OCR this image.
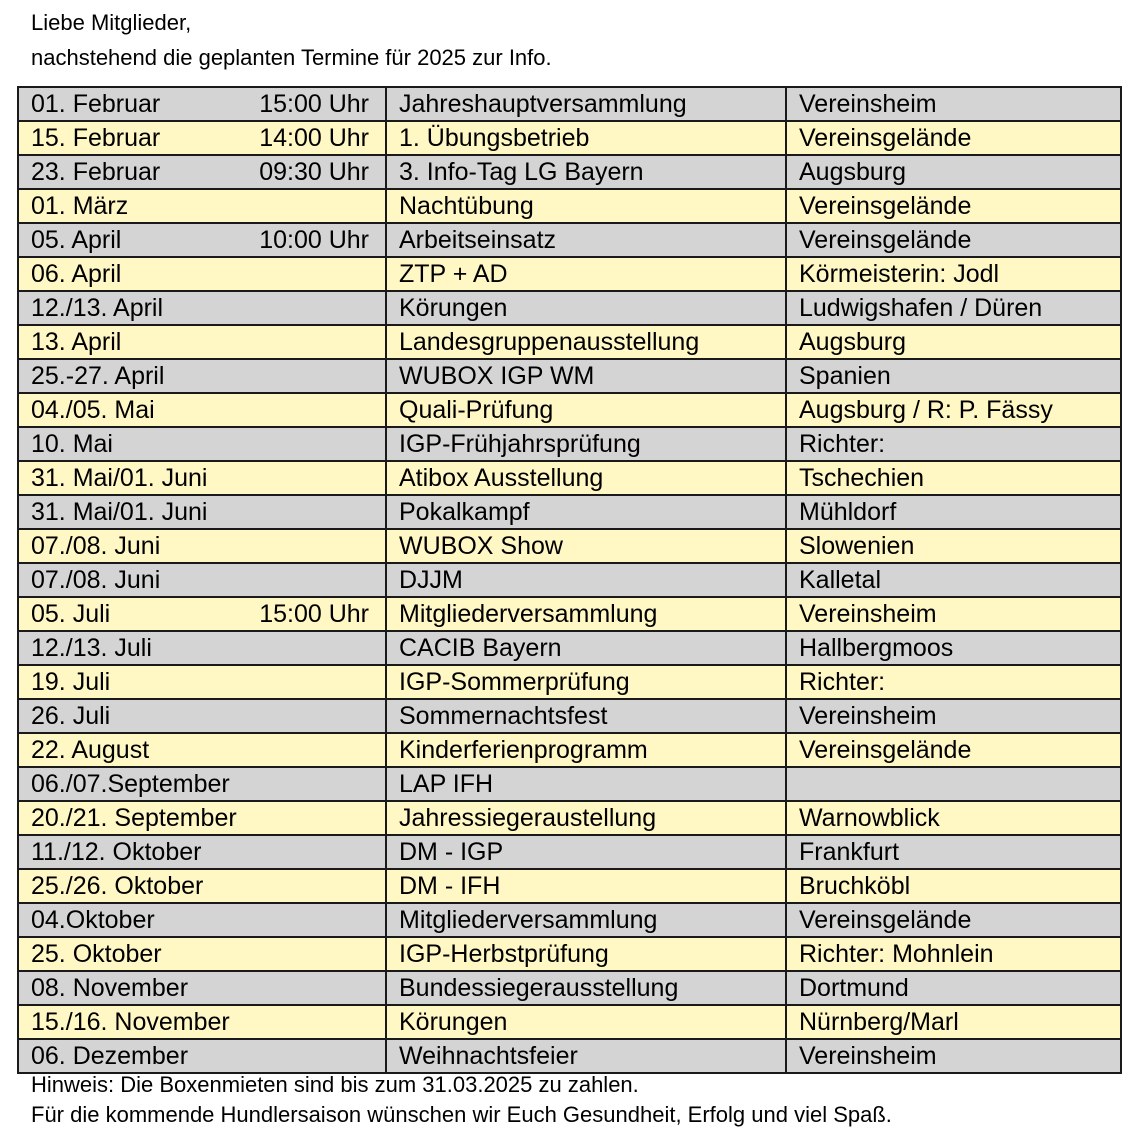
Liebe Mitglieder,
nachstehend die geplanten Termine für 2025 zur Info.
01. Februar 15:00 Uhr	Jahreshauptversammlung	Vereinsheim
15. Februar 14:00 Uhr	1. Übungsbetrieb	Vereinsgelände
23. Februar 09:30 Uhr	3. Info-Tag LG Bayern	Augsburg
01. März	Nachtübung	Vereinsgelände
05. April 10:00 Uhr	Arbeitseinsatz	Vereinsgelände
06. April	ZTP + AD	Körmeisterin: Jodl
12./13. April	Körungen	Ludwigshafen / Düren
13. April	Landesgruppenausstellung	Augsburg
25.-27. April	WUBOX IGP WM	Spanien
04./05. Mai	Quali-Prüfung	Augsburg / R: P. Fässy
10. Mai	IGP-Frühjahrsprüfung	Richter:
31. Mai/01. Juni	Atibox Ausstellung	Tschechien
31. Mai/01. Juni	Pokalkampf	Mühldorf
07./08. Juni	WUBOX Show	Slowenien
07./08. Juni	DJJM	Kalletal
05. Juli 15:00 Uhr	Mitgliederversammlung	Vereinsheim
12./13. Juli	CACIB Bayern	Hallbergmoos
19. Juli	IGP-Sommerprüfung	Richter:
26. Juli	Sommernachtsfest	Vereinsheim
22. August	Kinderferienprogramm	Vereinsgelände
06./07.September	LAP IFH	
20./21. September	Jahressiegeraustellung	Warnowblick
11./12. Oktober	DM - IGP	Frankfurt
25./26. Oktober	DM - IFH	Bruchköbl
04.Oktober	Mitgliederversammlung	Vereinsgelände
25. Oktober	IGP-Herbstprüfung	Richter: Mohnlein
08. November	Bundessiegerausstellung	Dortmund
15./16. November	Körungen	Nürnberg/Marl
06. Dezember	Weihnachtsfeier	Vereinsheim
Hinweis: Die Boxenmieten sind bis zum 31.03.2025 zu zahlen.
Für die kommende Hundlersaison wünschen wir Euch Gesundheit, Erfolg und viel Spaß.
